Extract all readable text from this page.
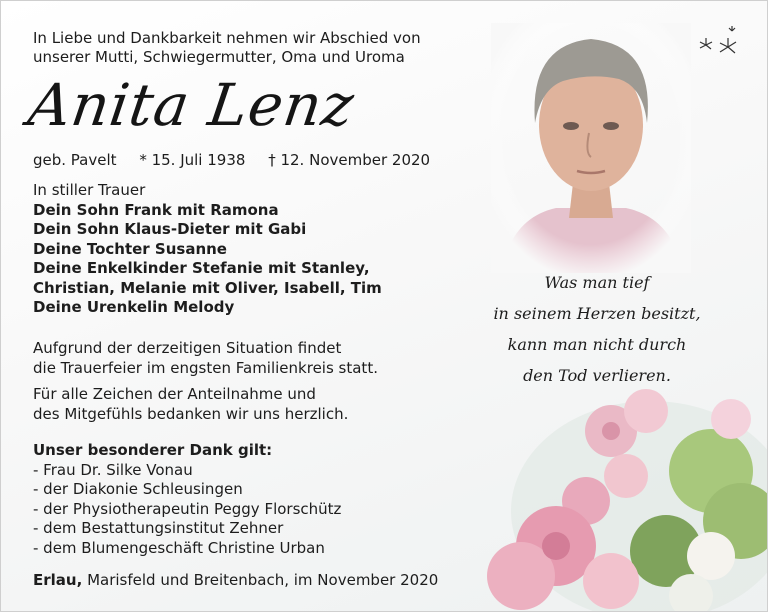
In Liebe und Dankbarkeit nehmen wir Abschied von
unserer Mutti, Schwiegermutter, Oma und Uroma
Anita Lenz
geb. Pavelt * 15. Juli 1938 † 12. November 2020
In stiller Trauer
Dein Sohn Frank mit Ramona
Dein Sohn Klaus-Dieter mit Gabi
Deine Tochter Susanne
Deine Enkelkinder Stefanie mit Stanley,
Christian, Melanie mit Oliver, Isabell, Tim
Deine Urenkelin Melody
Aufgrund der derzeitigen Situation findet
die Trauerfeier im engsten Familienkreis statt.
Für alle Zeichen der Anteilnahme und
des Mitgefühls bedanken wir uns herzlich.
Unser besonderer Dank gilt:
- Frau Dr. Silke Vonau
- der Diakonie Schleusingen
- der Physiotherapeutin Peggy Florschütz
- dem Bestattungsinstitut Zehner
- dem Blumengeschäft Christine Urban
Erlau, Marisfeld und Breitenbach, im November 2020
Was man tief
in seinem Herzen besitzt,
kann man nicht durch
den Tod verlieren.
